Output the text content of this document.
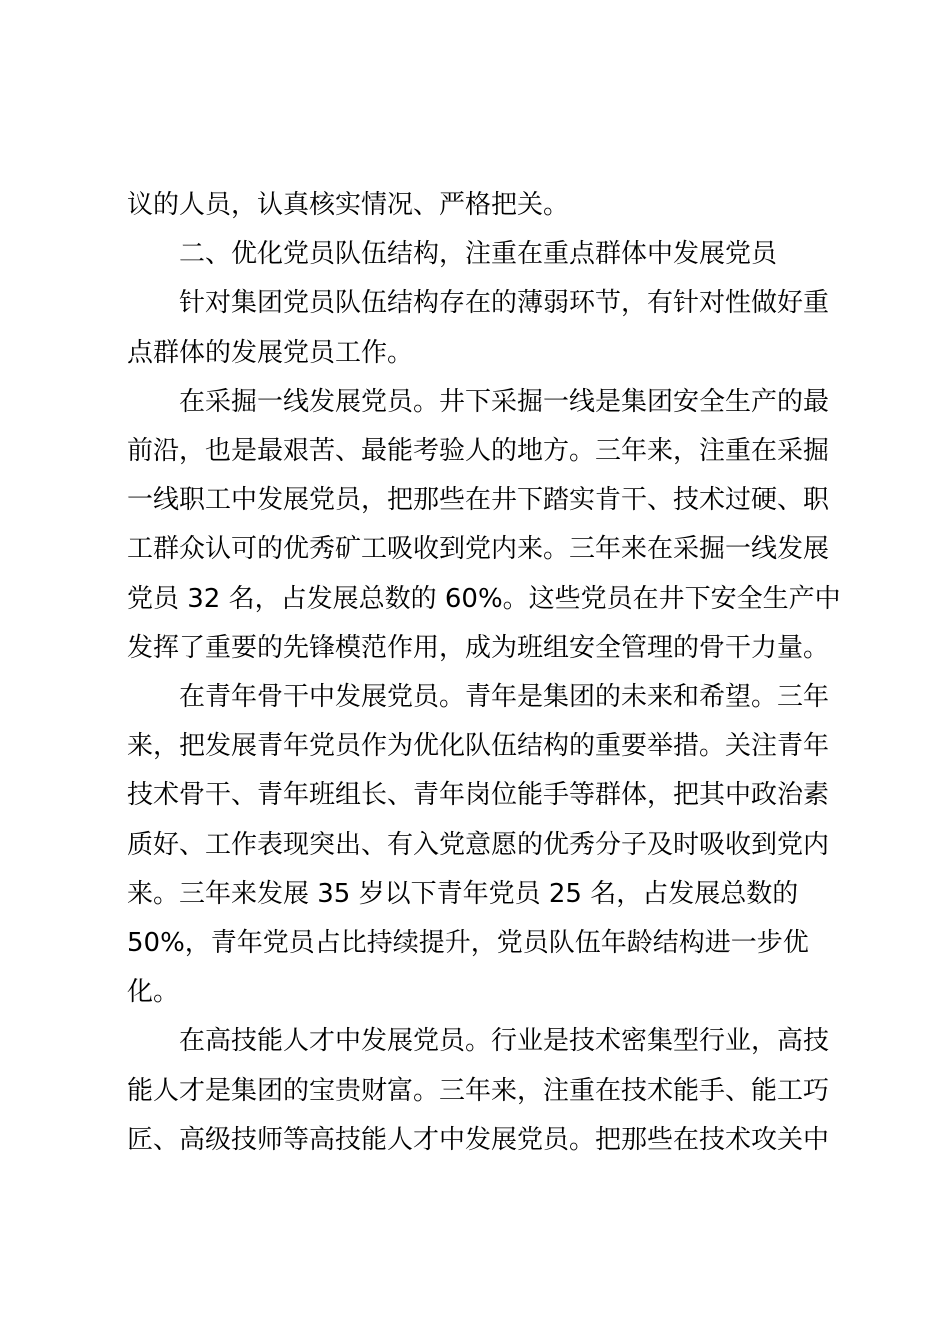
议的人员，认真核实情况、严格把关。
二、优化党员队伍结构，注重在重点群体中发展党员

针对集团党员队伍结构存在的薄弱环节，有针对性做好重
点群体的发展党员工作。

在采掘一线发展党员。井下采掘一线是集团安全生产的最
前沿，也是最艰苦、最能考验人的地方。三年来，注重在采掘
一线职工中发展党员，把那些在井下踏实肯干、技术过硬、职
工群众认可的优秀矿工吸收到党内来。三年来在采掘一线发展
党员 32 名，占发展总数的 60%。这些党员在井下安全生产中
发挥了重要的先锋模范作用，成为班组安全管理的骨干力量。

在青年骨干中发展党员。青年是集团的未来和希望。三年
来，把发展青年党员作为优化队伍结构的重要举措。关注青年
技术骨干、青年班组长、青年岗位能手等群体，把其中政治素
质好、工作表现突出、有入党意愿的优秀分子及时吸收到党内
来。三年来发展 35 岁以下青年党员 25 名，占发展总数的
50%，青年党员占比持续提升，党员队伍年龄结构进一步优
化。

在高技能人才中发展党员。行业是技术密集型行业，高技
能人才是集团的宝贵财富。三年来，注重在技术能手、能工巧
匠、高级技师等高技能人才中发展党员。把那些在技术攻关中
